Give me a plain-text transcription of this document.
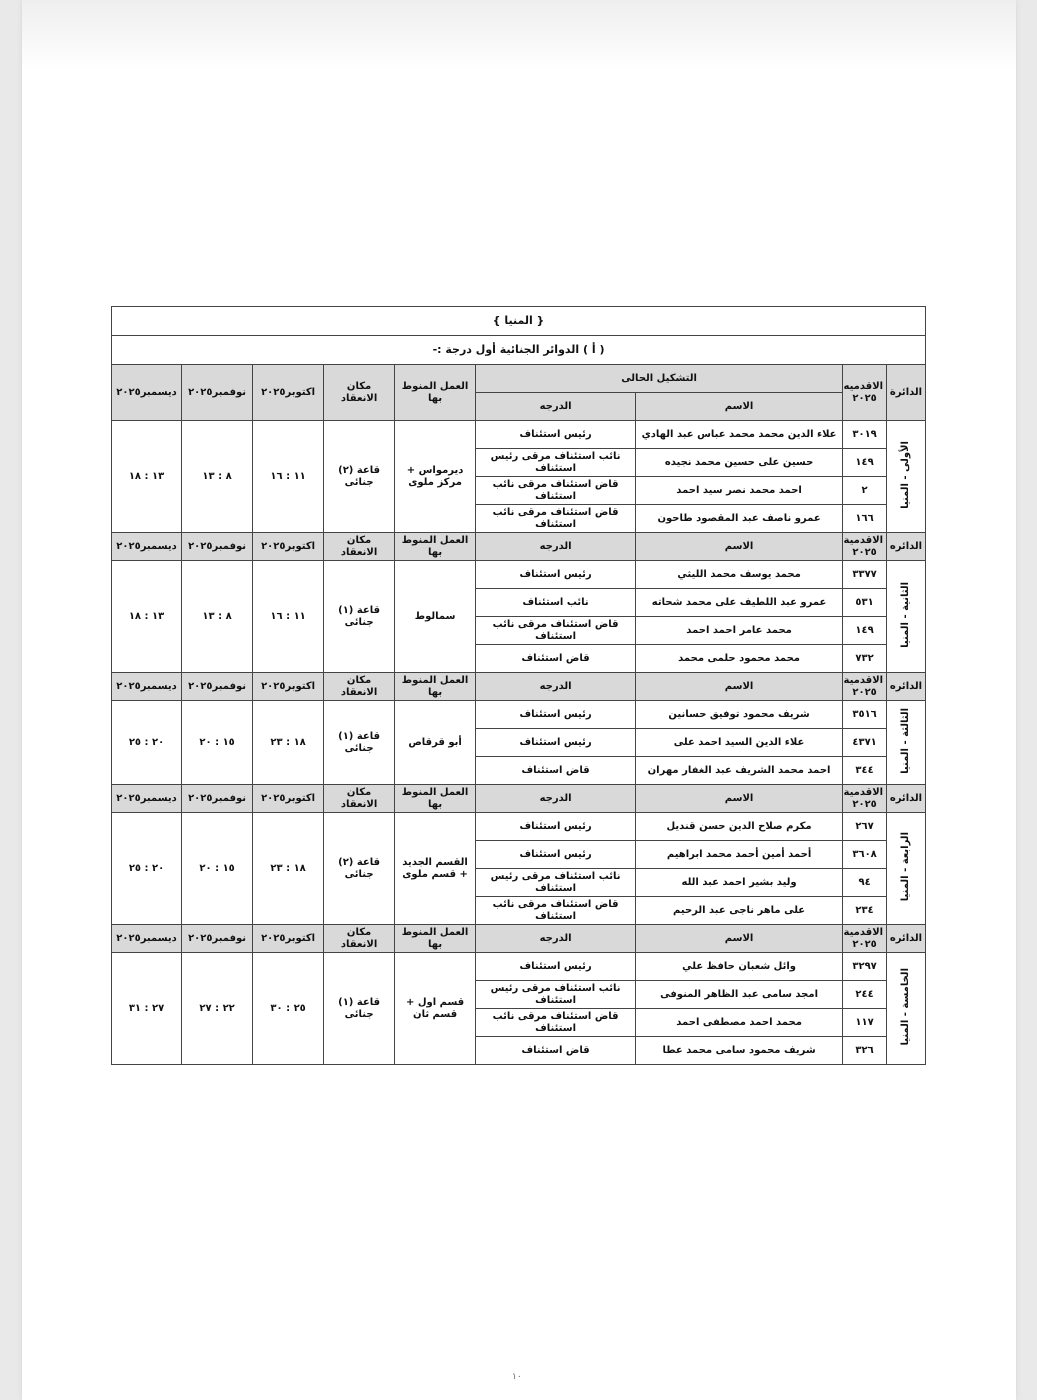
{ المنيا }								
( أ ) الدوائر الجنائية أول درجة :-								
الدائرة	الاقدميه ٢٠٢٥	التشكيل الحالى		العمل المنوط بها	مكان الانعقاد	اكتوبر٢٠٢٥	نوفمبر٢٠٢٥	ديسمبر٢٠٢٥
		الاسم	الدرجه					
الأولى - المنيا	٣٠١٩	علاء الدين محمد محمد عباس عبد الهادي	رئيس استئناف	ديرمواس + مركز ملوى	قاعة (٢) جنائى	١١ : ١٦	٨ : ١٣	١٣ : ١٨
	١٤٩	حسين على حسين محمد نجيده	نائب استئناف مرقى رئيس استئناف					
	٢	احمد محمد نصر سيد احمد	قاض استئناف مرقى نائب استئناف					
	١٦٦	عمرو ناصف عبد المقصود طاحون	قاض استئناف مرقى نائب استئناف					
الدائره	الاقدمية ٢٠٢٥	الاسم	الدرجه	العمل المنوط بها	مكان الانعقاد	اكتوبر٢٠٢٥	نوفمبر٢٠٢٥	ديسمبر٢٠٢٥
الثانية - المنيا	٣٣٧٧	محمد يوسف محمد الليثي	رئيس استئناف	سمالوط	قاعة (١) جنائى	١١ : ١٦	٨ : ١٣	١٣ : ١٨
	٥٣١	عمرو عبد اللطيف على محمد شحاته	نائب استئناف					
	١٤٩	محمد عامر احمد احمد	قاض استئناف مرقى نائب استئناف					
	٧٣٢	محمد محمود حلمى محمد	قاض استئناف					
الدائره	الاقدمية ٢٠٢٥	الاسم	الدرجه	العمل المنوط بها	مكان الانعقاد	اكتوبر٢٠٢٥	نوفمبر٢٠٢٥	ديسمبر٢٠٢٥
الثالثة - المنيا	٣٥١٦	شريف محمود توفيق حسانين	رئيس استئناف	أبو قرقاص	قاعة (١) جنائى	١٨ : ٢٣	١٥ : ٢٠	٢٠ : ٢٥
	٤٣٧١	علاء الدين السيد احمد على	رئيس استئناف					
	٣٤٤	احمد محمد الشريف عبد الغفار مهران	قاض استئناف					
الدائره	الاقدمية ٢٠٢٥	الاسم	الدرجه	العمل المنوط بها	مكان الانعقاد	اكتوبر٢٠٢٥	نوفمبر٢٠٢٥	ديسمبر٢٠٢٥
الرابعة - المنيا	٢٦٧	مكرم صلاح الدين حسن قنديل	رئيس استئناف	القسم الجديد + قسم ملوى	قاعة (٢) جنائى	١٨ : ٢٣	١٥ : ٢٠	٢٠ : ٢٥
	٣٦٠٨	أحمد أمين أحمد محمد ابراهيم	رئيس استئناف					
	٩٤	وليد بشير احمد عبد الله	نائب استئناف مرقى رئيس استئناف					
	٢٣٤	على ماهر ناجى عبد الرحيم	قاض استئناف مرقى نائب استئناف					
الدائره	الاقدمية ٢٠٢٥	الاسم	الدرجه	العمل المنوط بها	مكان الانعقاد	اكتوبر٢٠٢٥	نوفمبر٢٠٢٥	ديسمبر٢٠٢٥
الخامسة - المنيا	٣٢٩٧	وائل شعبان حافظ علي	رئيس استئناف	قسم اول + قسم ثان	قاعة (١) جنائى	٢٥ : ٣٠	٢٢ : ٢٧	٢٧ : ٣١
	٢٤٤	امجد سامى عبد الظاهر المنوفى	نائب استئناف مرقى رئيس استئناف					
	١١٧	محمد احمد مصطفى احمد	قاض استئناف مرقى نائب استئناف					
	٣٢٦	شريف محمود سامى محمد عطا	قاض استئناف					
١٠
